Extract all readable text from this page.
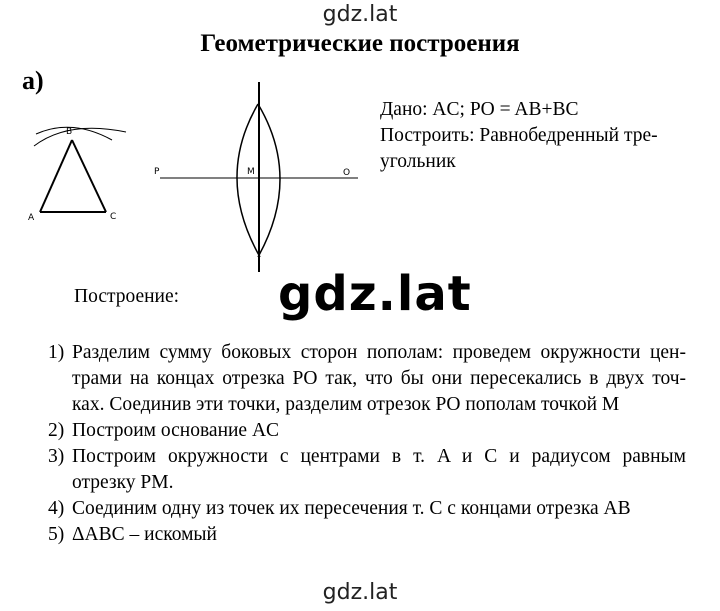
gdz.lat
Геометрические построения
а)
B
A	C
P	M	O
Дано: AC; PO = AB+BC
Построить: Равнобедренный тре-
угольник
Построение: gdz.lat
1) Разделим сумму боковых сторон пополам: проведем окружности цен-
трами на концах отрезка PO так, что бы они пересекались в двух точ-
ках. Соединив эти точки, разделим отрезок PO пополам точкой M
2) Построим основание AC
3) Построим окружности с центрами в т. A и C и радиусом равным
отрезку PM.
4) Соединим одну из точек их пересечения т. C с концами отрезка AB
5) ΔABC – искомый
gdz.lat
